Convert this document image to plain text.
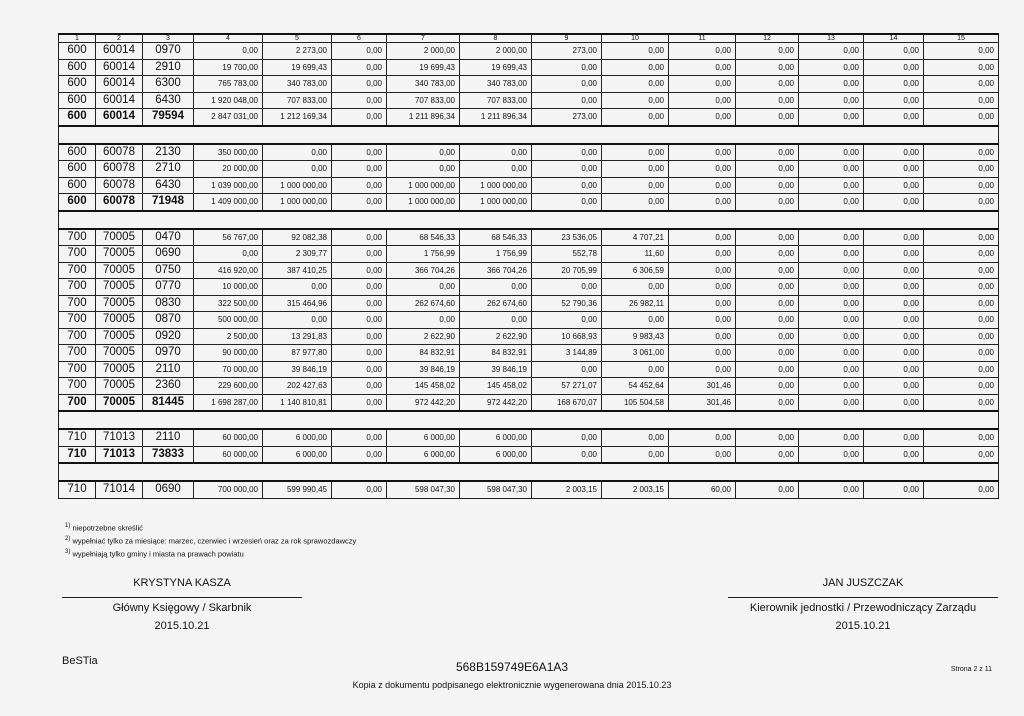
1	2	3	4	5	6	7	8	9	10	11	12	13	14	15
600	60014	0970	0,00	2 273,00	0,00	2 000,00	2 000,00	273,00	0,00	0,00	0,00	0,00	0,00	0,00
600	60014	2910	19 700,00	19 699,43	0,00	19 699,43	19 699,43	0,00	0,00	0,00	0,00	0,00	0,00	0,00
600	60014	6300	765 783,00	340 783,00	0,00	340 783,00	340 783,00	0,00	0,00	0,00	0,00	0,00	0,00	0,00
600	60014	6430	1 920 048,00	707 833,00	0,00	707 833,00	707 833,00	0,00	0,00	0,00	0,00	0,00	0,00	0,00
600	60014	79594	2 847 031,00	1 212 169,34	0,00	1 211 896,34	1 211 896,34	273,00	0,00	0,00	0,00	0,00	0,00	0,00

600	60078	2130	350 000,00	0,00	0,00	0,00	0,00	0,00	0,00	0,00	0,00	0,00	0,00	0,00
600	60078	2710	20 000,00	0,00	0,00	0,00	0,00	0,00	0,00	0,00	0,00	0,00	0,00	0,00
600	60078	6430	1 039 000,00	1 000 000,00	0,00	1 000 000,00	1 000 000,00	0,00	0,00	0,00	0,00	0,00	0,00	0,00
600	60078	71948	1 409 000,00	1 000 000,00	0,00	1 000 000,00	1 000 000,00	0,00	0,00	0,00	0,00	0,00	0,00	0,00

700	70005	0470	56 767,00	92 082,38	0,00	68 546,33	68 546,33	23 536,05	4 707,21	0,00	0,00	0,00	0,00	0,00
700	70005	0690	0,00	2 309,77	0,00	1 756,99	1 756,99	552,78	11,60	0,00	0,00	0,00	0,00	0,00
700	70005	0750	416 920,00	387 410,25	0,00	366 704,26	366 704,26	20 705,99	6 306,59	0,00	0,00	0,00	0,00	0,00
700	70005	0770	10 000,00	0,00	0,00	0,00	0,00	0,00	0,00	0,00	0,00	0,00	0,00	0,00
700	70005	0830	322 500,00	315 464,96	0,00	262 674,60	262 674,60	52 790,36	26 982,11	0,00	0,00	0,00	0,00	0,00
700	70005	0870	500 000,00	0,00	0,00	0,00	0,00	0,00	0,00	0,00	0,00	0,00	0,00	0,00
700	70005	0920	2 500,00	13 291,83	0,00	2 622,90	2 622,90	10 668,93	9 983,43	0,00	0,00	0,00	0,00	0,00
700	70005	0970	90 000,00	87 977,80	0,00	84 832,91	84 832,91	3 144,89	3 061,00	0,00	0,00	0,00	0,00	0,00
700	70005	2110	70 000,00	39 846,19	0,00	39 846,19	39 846,19	0,00	0,00	0,00	0,00	0,00	0,00	0,00
700	70005	2360	229 600,00	202 427,63	0,00	145 458,02	145 458,02	57 271,07	54 452,64	301,46	0,00	0,00	0,00	0,00
700	70005	81445	1 698 287,00	1 140 810,81	0,00	972 442,20	972 442,20	168 670,07	105 504,58	301,46	0,00	0,00	0,00	0,00

710	71013	2110	60 000,00	6 000,00	0,00	6 000,00	6 000,00	0,00	0,00	0,00	0,00	0,00	0,00	0,00
710	71013	73833	60 000,00	6 000,00	0,00	6 000,00	6 000,00	0,00	0,00	0,00	0,00	0,00	0,00	0,00

710	71014	0690	700 000,00	599 990,45	0,00	598 047,30	598 047,30	2 003,15	2 003,15	60,00	0,00	0,00	0,00	0,00
$^{1)}$ niepotrzebne skreślić
$^{2)}$ wypełniać tylko za miesiące: marzec, czerwiec i wrzesień oraz za rok sprawozdawczy
$^{3)}$ wypełniają tylko gminy i miasta na prawach powiatu
KRYSTYNA KASZA
Główny Księgowy / Skarbnik
2015.10.21
JAN JUSZCZAK
Kierownik jednostki / Przewodniczący Zarządu
2015.10.21
BeSTia	568B159749E6A1A3
Kopia z dokumentu podpisanego elektronicznie wygenerowana dnia 2015.10.23
Strona 2 z 11
